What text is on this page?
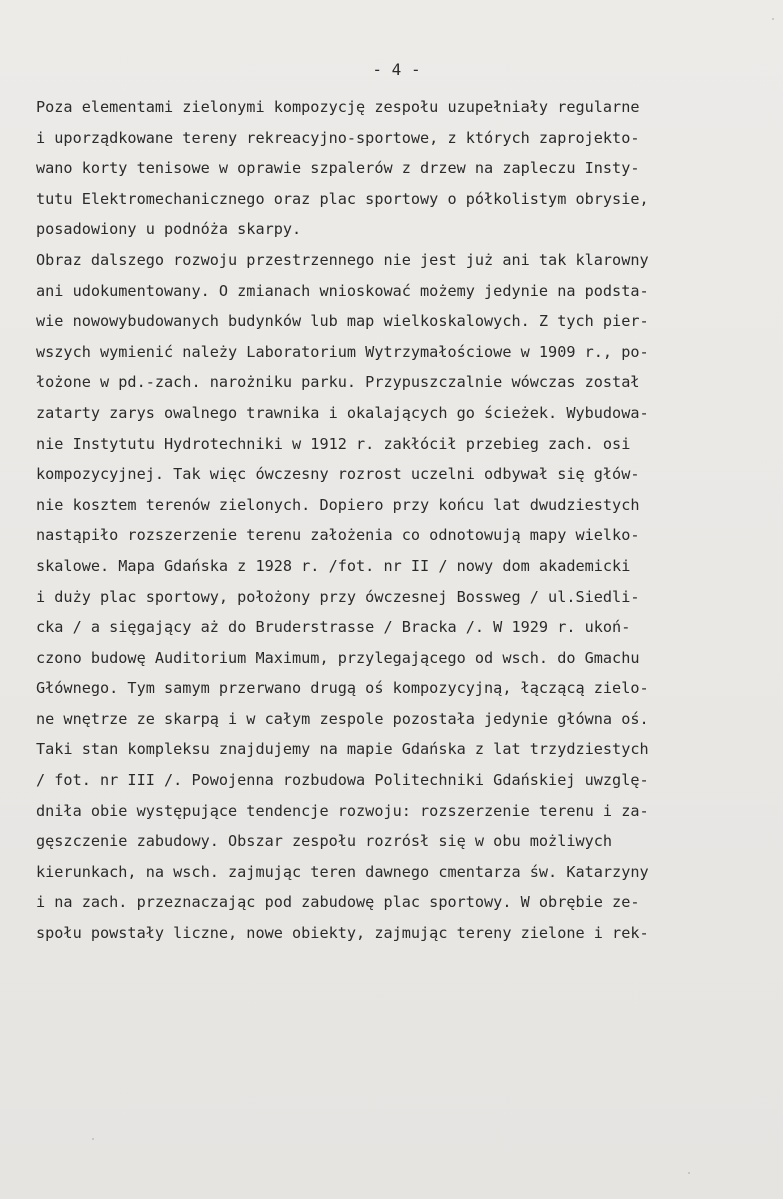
- 4 -
Poza elementami zielonymi kompozycję zespołu uzupełniały regularne
i uporządkowane tereny rekreacyjno-sportowe, z których zaprojekto-
wano korty tenisowe w oprawie szpalerów z drzew na zapleczu Insty-
tutu Elektromechanicznego oraz plac sportowy o półkolistym obrysie,
posadowiony u podnóża skarpy.
Obraz dalszego rozwoju przestrzennego nie jest już ani tak klarowny
ani udokumentowany. O zmianach wnioskować możemy jedynie na podsta-
wie nowowybudowanych budynków lub map wielkoskalowych. Z tych pier-
wszych wymienić należy Laboratorium Wytrzymałościowe w 1909 r., po-
łożone w pd.-zach. narożniku parku. Przypuszczalnie wówczas został
zatarty zarys owalnego trawnika i okalających go ścieżek. Wybudowa-
nie Instytutu Hydrotechniki w 1912 r. zakłócił przebieg zach. osi
kompozycyjnej. Tak więc ówczesny rozrost uczelni odbywał się głów-
nie kosztem terenów zielonych. Dopiero przy końcu lat dwudziestych
nastąpiło rozszerzenie terenu założenia co odnotowują mapy wielko-
skalowe. Mapa Gdańska z 1928 r. /fot. nr II / nowy dom akademicki
i duży plac sportowy, położony przy ówczesnej Bossweg / ul.Siedli-
cka / a sięgający aż do Bruderstrasse / Bracka /. W 1929 r. ukoń-
czono budowę Auditorium Maximum, przylegającego od wsch. do Gmachu
Głównego. Tym samym przerwano drugą oś kompozycyjną, łączącą zielo-
ne wnętrze ze skarpą i w całym zespole pozostała jedynie główna oś.
Taki stan kompleksu znajdujemy na mapie Gdańska z lat trzydziestych
/ fot. nr III /. Powojenna rozbudowa Politechniki Gdańskiej uwzglę-
dniła obie występujące tendencje rozwoju: rozszerzenie terenu i za-
gęszczenie zabudowy. Obszar zespołu rozrósł się w obu możliwych
kierunkach, na wsch. zajmując teren dawnego cmentarza św. Katarzyny
i na zach. przeznaczając pod zabudowę plac sportowy. W obrębie ze-
społu powstały liczne, nowe obiekty, zajmując tereny zielone i rek-
